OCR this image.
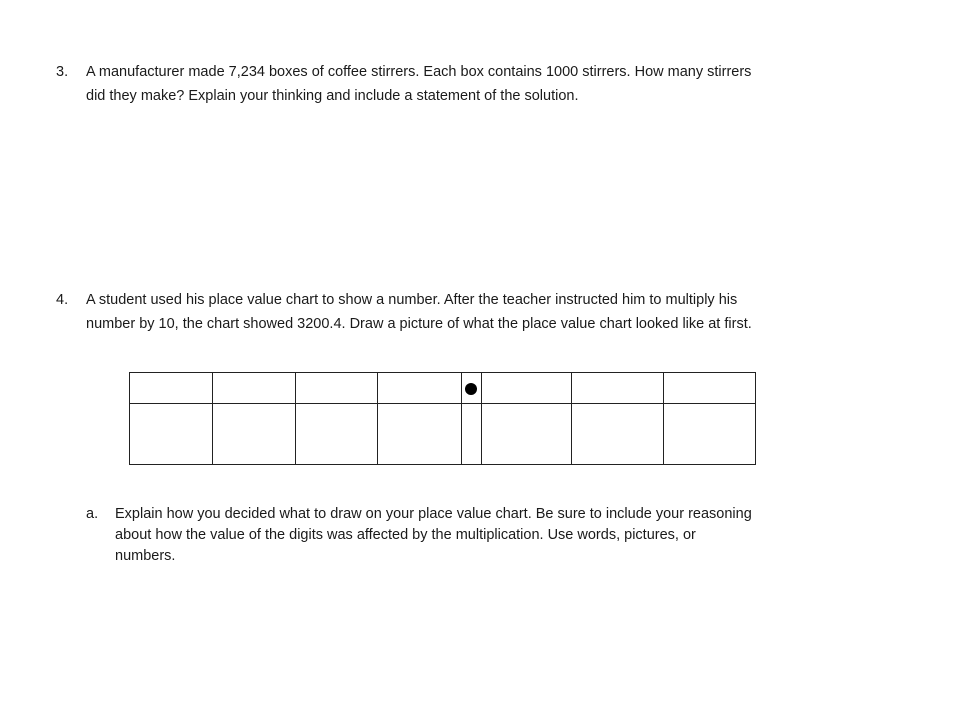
3. A manufacturer made 7,234 boxes of coffee stirrers. Each box contains 1000 stirrers. How many stirrers
did they make? Explain your thinking and include a statement of the solution.
4. A student used his place value chart to show a number. After the teacher instructed him to multiply his
number by 10, the chart showed 3200.4. Draw a picture of what the place value chart looked like at first.
a. Explain how you decided what to draw on your place value chart. Be sure to include your reasoning
about how the value of the digits was affected by the multiplication. Use words, pictures, or
numbers.
